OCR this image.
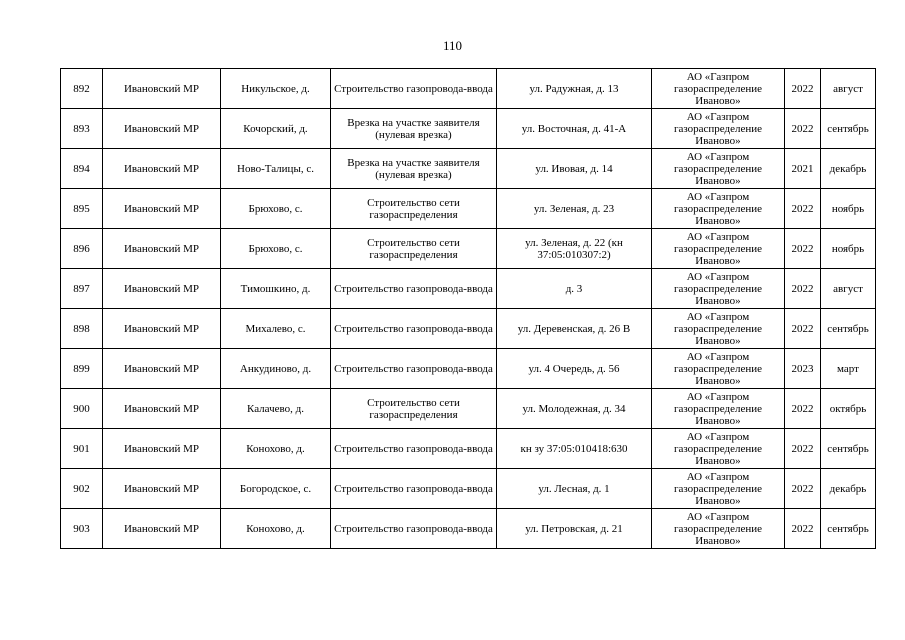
110
892	Ивановский МР	Никульское, д.	Строительство газопровода-ввода	ул. Радужная, д. 13	АО «Газпром газораспределение Иваново»	2022	август
893	Ивановский МР	Кочорский, д.	Врезка на участке заявителя (нулевая врезка)	ул. Восточная, д. 41-А	АО «Газпром газораспределение Иваново»	2022	сентябрь
894	Ивановский МР	Ново-Талицы, с.	Врезка на участке заявителя (нулевая врезка)	ул. Ивовая, д. 14	АО «Газпром газораспределение Иваново»	2021	декабрь
895	Ивановский МР	Брюхово, с.	Строительство сети газораспределения	ул. Зеленая, д. 23	АО «Газпром газораспределение Иваново»	2022	ноябрь
896	Ивановский МР	Брюхово, с.	Строительство сети газораспределения	ул. Зеленая, д. 22 (кн 37:05:010307:2)	АО «Газпром газораспределение Иваново»	2022	ноябрь
897	Ивановский МР	Тимошкино, д.	Строительство газопровода-ввода	д. 3	АО «Газпром газораспределение Иваново»	2022	август
898	Ивановский МР	Михалево, с.	Строительство газопровода-ввода	ул. Деревенская, д. 26 В	АО «Газпром газораспределение Иваново»	2022	сентябрь
899	Ивановский МР	Анкудиново, д.	Строительство газопровода-ввода	ул. 4 Очередь, д. 56	АО «Газпром газораспределение Иваново»	2023	март
900	Ивановский МР	Калачево, д.	Строительство сети газораспределения	ул. Молодежная, д. 34	АО «Газпром газораспределение Иваново»	2022	октябрь
901	Ивановский МР	Конохово, д.	Строительство газопровода-ввода	кн зу 37:05:010418:630	АО «Газпром газораспределение Иваново»	2022	сентябрь
902	Ивановский МР	Богородское, с.	Строительство газопровода-ввода	ул. Лесная, д. 1	АО «Газпром газораспределение Иваново»	2022	декабрь
903	Ивановский МР	Конохово, д.	Строительство газопровода-ввода	ул. Петровская, д. 21	АО «Газпром газораспределение Иваново»	2022	сентябрь
